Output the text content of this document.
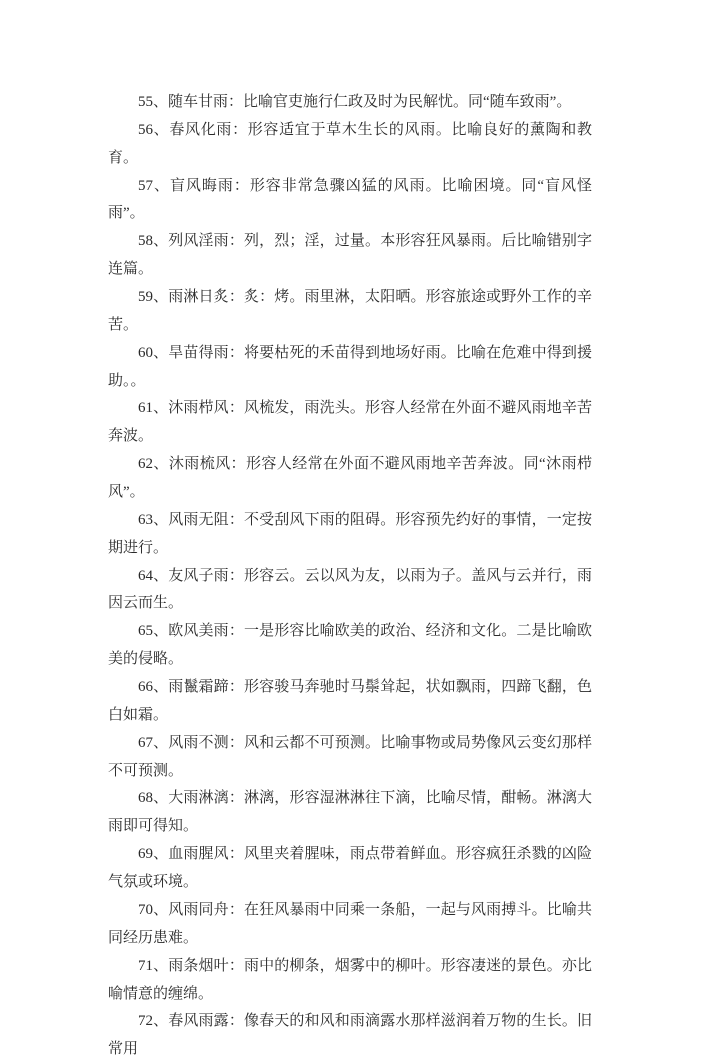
55、随车甘雨：比喻官吏施行仁政及时为民解忧。同“随车致雨”。

56、春风化雨：形容适宜于草木生长的风雨。比喻良好的薰陶和教育。

57、盲风晦雨：形容非常急骤凶猛的风雨。比喻困境。同“盲风怪雨”。

58、列风淫雨：列，烈；淫，过量。本形容狂风暴雨。后比喻错别字连篇。

59、雨淋日炙：炙：烤。雨里淋，太阳晒。形容旅途或野外工作的辛苦。

60、旱苗得雨：将要枯死的禾苗得到地场好雨。比喻在危难中得到援助。。

61、沐雨栉风：风梳发，雨洗头。形容人经常在外面不避风雨地辛苦奔波。

62、沐雨梳风：形容人经常在外面不避风雨地辛苦奔波。同“沐雨栉风”。

63、风雨无阻：不受刮风下雨的阻碍。形容预先约好的事情，一定按期进行。

64、友风子雨：形容云。云以风为友，以雨为子。盖风与云并行，雨因云而生。

65、欧风美雨：一是形容比喻欧美的政治、经济和文化。二是比喻欧美的侵略。

66、雨鬣霜蹄：形容骏马奔驰时马鬃耸起，状如飘雨，四蹄飞翻，色白如霜。

67、风雨不测：风和云都不可预测。比喻事物或局势像风云变幻那样不可预测。

68、大雨淋漓：淋漓，形容湿淋淋往下滴，比喻尽情，酣畅。淋漓大雨即可得知。

69、血雨腥风：风里夹着腥味，雨点带着鲜血。形容疯狂杀戮的凶险气氛或环境。

70、风雨同舟：在狂风暴雨中同乘一条船，一起与风雨搏斗。比喻共同经历患难。

71、雨条烟叶：雨中的柳条，烟雾中的柳叶。形容凄迷的景色。亦比喻情意的缠绵。

72、春风雨露：像春天的和风和雨滴露水那样滋润着万物的生长。旧常用
